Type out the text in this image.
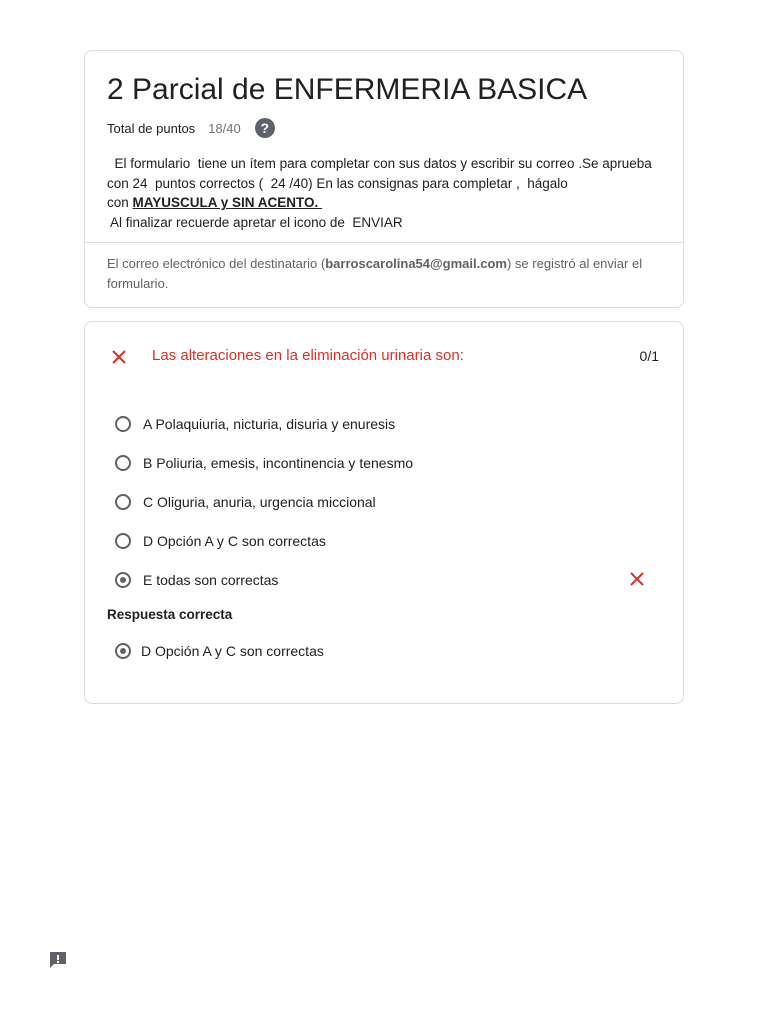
2 Parcial de ENFERMERIA BASICA
Total de puntos 18/40	?

El formulario  tiene un ítem para completar con sus datos y escribir su correo .Se aprueba

con 24  puntos correctos (  24 /40) En las consignas para completar ,  hágalo

con MAYUSCULA y SIN ACENTO.

Al finalizar recuerde apretar el icono de  ENVIAR

El correo electrónico del destinatario (barroscarolina54@gmail.com) se registró al enviar el formulario.

Las alteraciones en la eliminación urinaria son:	0/1
A Polaquiuria, nicturia, disuria y enuresis
B Poliuria, emesis, incontinencia y tenesmo
C Oliguria, anuria, urgencia miccional
D Opción A y C son correctas
E todas son correctas
Respuesta correcta
D Opción A y C son correctas
